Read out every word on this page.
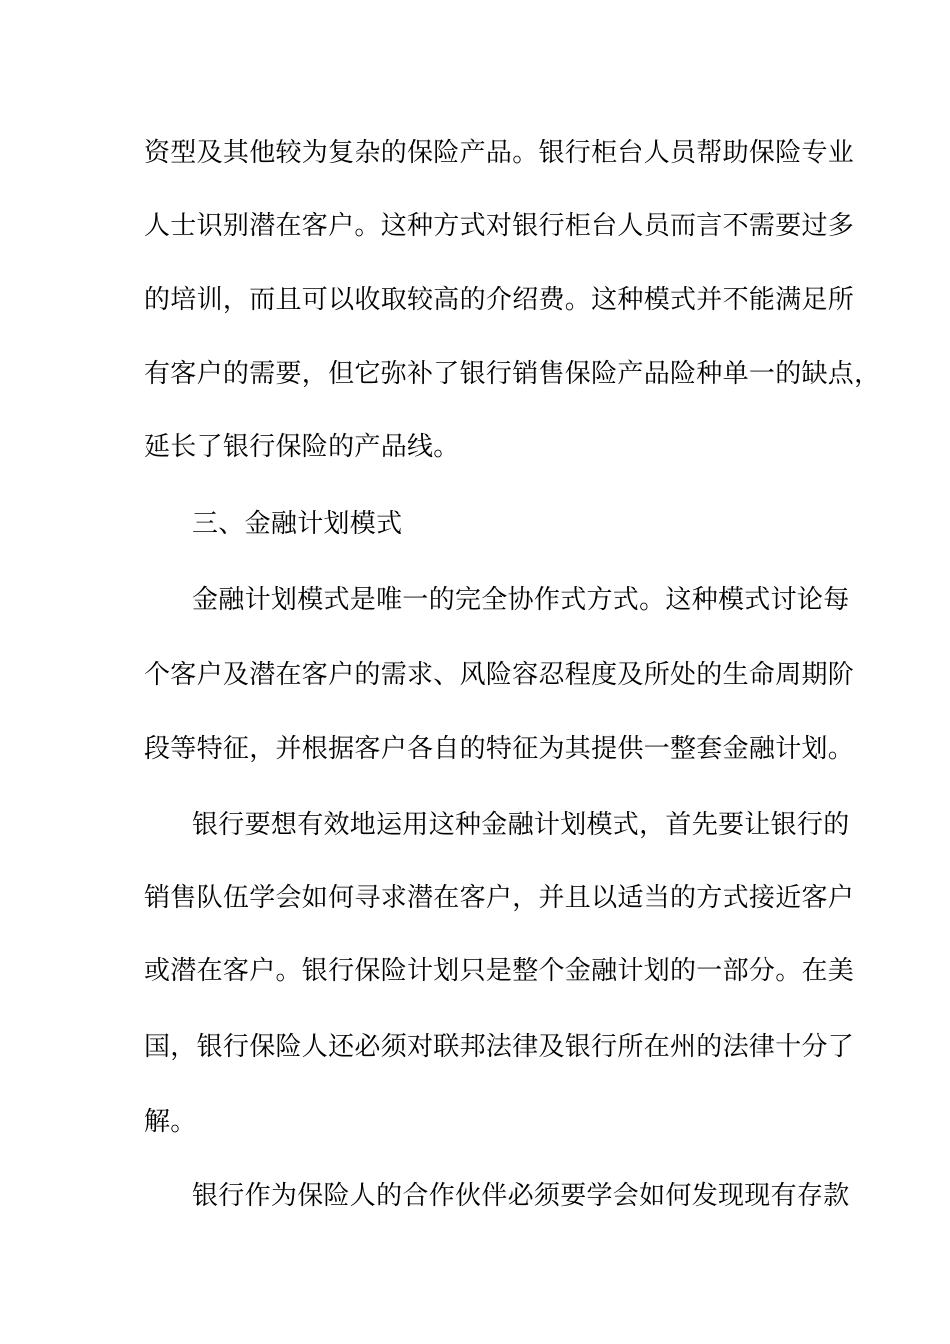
资型及其他较为复杂的保险产品。银行柜台人员帮助保险专业
人士识别潜在客户。这种方式对银行柜台人员而言不需要过多
的培训，而且可以收取较高的介绍费。这种模式并不能满足所
有客户的需要，但它弥补了银行销售保险产品险种单一的缺点，
延长了银行保险的产品线。
三、金融计划模式
金融计划模式是唯一的完全协作式方式。这种模式讨论每
个客户及潜在客户的需求、风险容忍程度及所处的生命周期阶
段等特征，并根据客户各自的特征为其提供一整套金融计划。
银行要想有效地运用这种金融计划模式，首先要让银行的
销售队伍学会如何寻求潜在客户，并且以适当的方式接近客户
或潜在客户。银行保险计划只是整个金融计划的一部分。在美
国，银行保险人还必须对联邦法律及银行所在州的法律十分了
解。
银行作为保险人的合作伙伴必须要学会如何发现现有存款
